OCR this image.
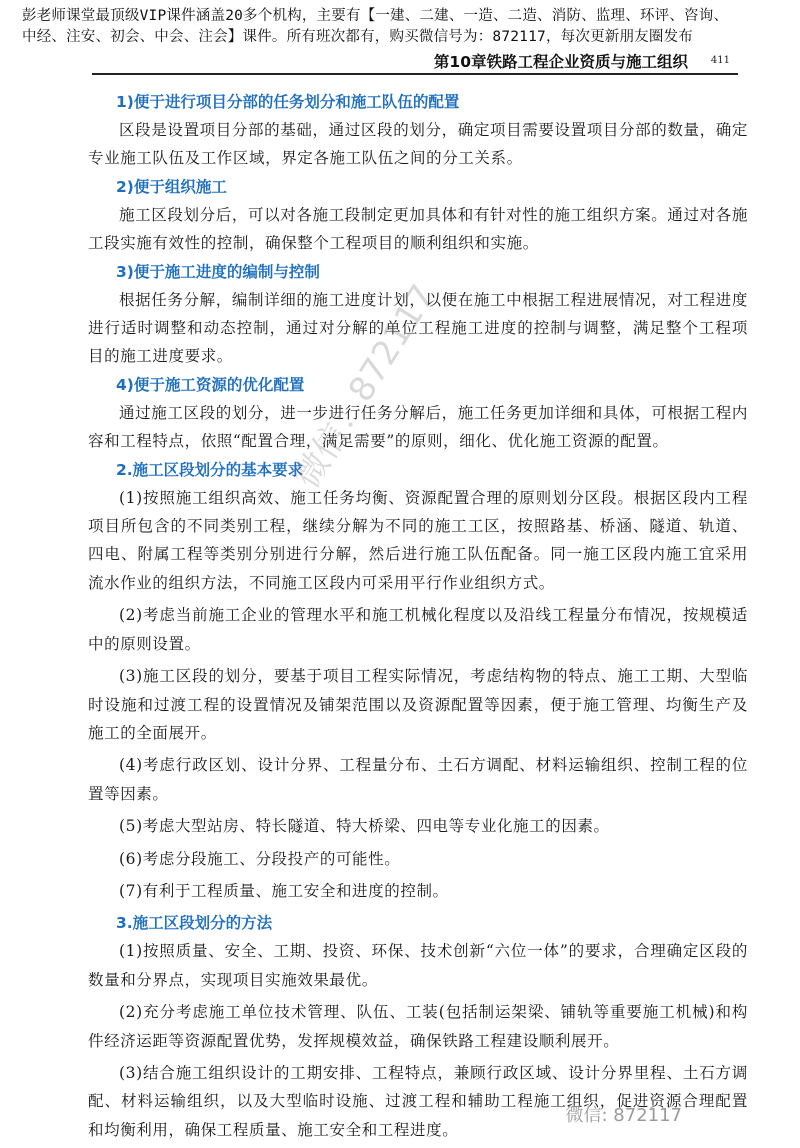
彭老师课堂最顶级VIP课件涵盖20多个机构，主要有【一建、二建、一造、二造、消防、监理、环评、咨询、

中经、注安、初会、中会、注会】课件。所有班次都有，购买微信号为：872117，每次更新朋友圈发布

第10章铁路工程企业资质与施工组织 411

1)便于进行项目分部的任务划分和施工队伍的配置

区段是设置项目分部的基础，通过区段的划分，确定项目需要设置项目分部的数量，确定专业施工队伍及工作区域，界定各施工队伍之间的分工关系。

2)便于组织施工

施工区段划分后，可以对各施工段制定更加具体和有针对性的施工组织方案。通过对各施工段实施有效性的控制，确保整个工程项目的顺利组织和实施。

3)便于施工进度的编制与控制

根据任务分解，编制详细的施工进度计划，以便在施工中根据工程进展情况，对工程进度进行适时调整和动态控制，通过对分解的单位工程施工进度的控制与调整，满足整个工程项目的施工进度要求。

4)便于施工资源的优化配置

通过施工区段的划分，进一步进行任务分解后，施工任务更加详细和具体，可根据工程内容和工程特点，依照“配置合理，满足需要”的原则，细化、优化施工资源的配置。

2.施工区段划分的基本要求

(1)按照施工组织高效、施工任务均衡、资源配置合理的原则划分区段。根据区段内工程项目所包含的不同类别工程，继续分解为不同的施工工区，按照路基、桥涵、隧道、轨道、四电、附属工程等类别分别进行分解，然后进行施工队伍配备。同一施工区段内施工宜采用流水作业的组织方法，不同施工区段内可采用平行作业组织方式。

(2)考虑当前施工企业的管理水平和施工机械化程度以及沿线工程量分布情况，按规模适中的原则设置。

(3)施工区段的划分，要基于项目工程实际情况，考虑结构物的特点、施工工期、大型临时设施和过渡工程的设置情况及铺架范围以及资源配置等因素，便于施工管理、均衡生产及施工的全面展开。

(4)考虑行政区划、设计分界、工程量分布、土石方调配、材料运输组织、控制工程的位置等因素。

(5)考虑大型站房、特长隧道、特大桥梁、四电等专业化施工的因素。

(6)考虑分段施工、分段投产的可能性。

(7)有利于工程质量、施工安全和进度的控制。

3.施工区段划分的方法

(1)按照质量、安全、工期、投资、环保、技术创新“六位一体”的要求，合理确定区段的数量和分界点，实现项目实施效果最优。

(2)充分考虑施工单位技术管理、队伍、工装(包括制运架梁、铺轨等重要施工机械)和构件经济运距等资源配置优势，发挥规模效益，确保铁路工程建设顺利展开。

(3)结合施工组织设计的工期安排、工程特点，兼顾行政区域、设计分界里程、土石方调配、材料运输组织，以及大型临时设施、过渡工程和辅助工程施工组织，促进资源合理配置和均衡利用，确保工程质量、施工安全和工程进度。

微信：872117
微信: 872117
